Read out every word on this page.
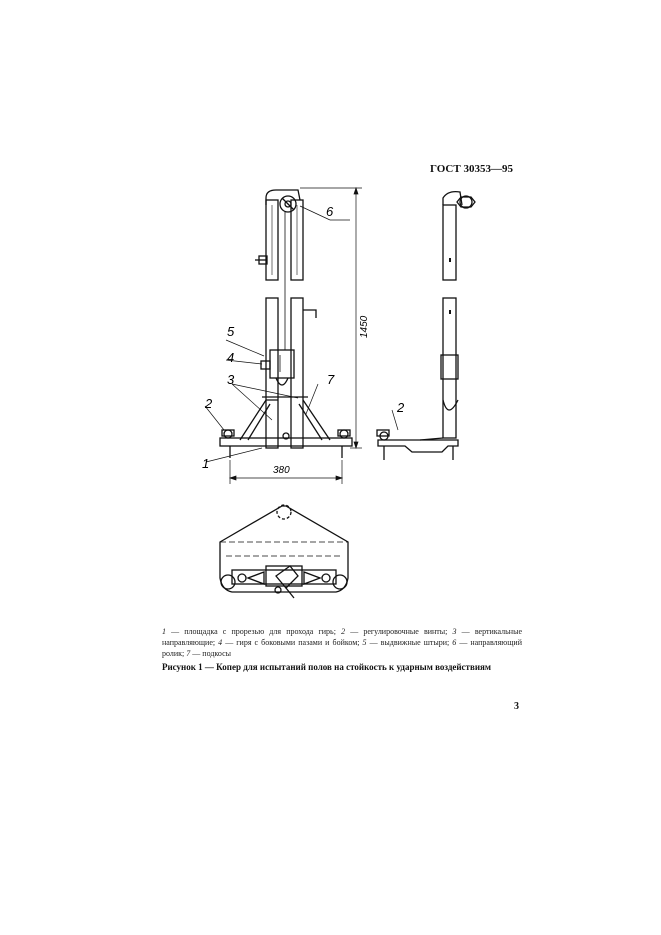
ГОСТ 30353—95
6
5
4
3	7
2
1
2
1450
380
1 — площадка с прорезью для прохода гирь; 2 — регулировочные винты; 3 — вертикальные направляющие; 4 — гиря с боковыми пазами и бойком; 5 — выдвижные штыри; 6 — направляющий ролик; 7 — подкосы
Рисунок 1 — Копер для испытаний полов на стойкость к ударным воздействиям
3
